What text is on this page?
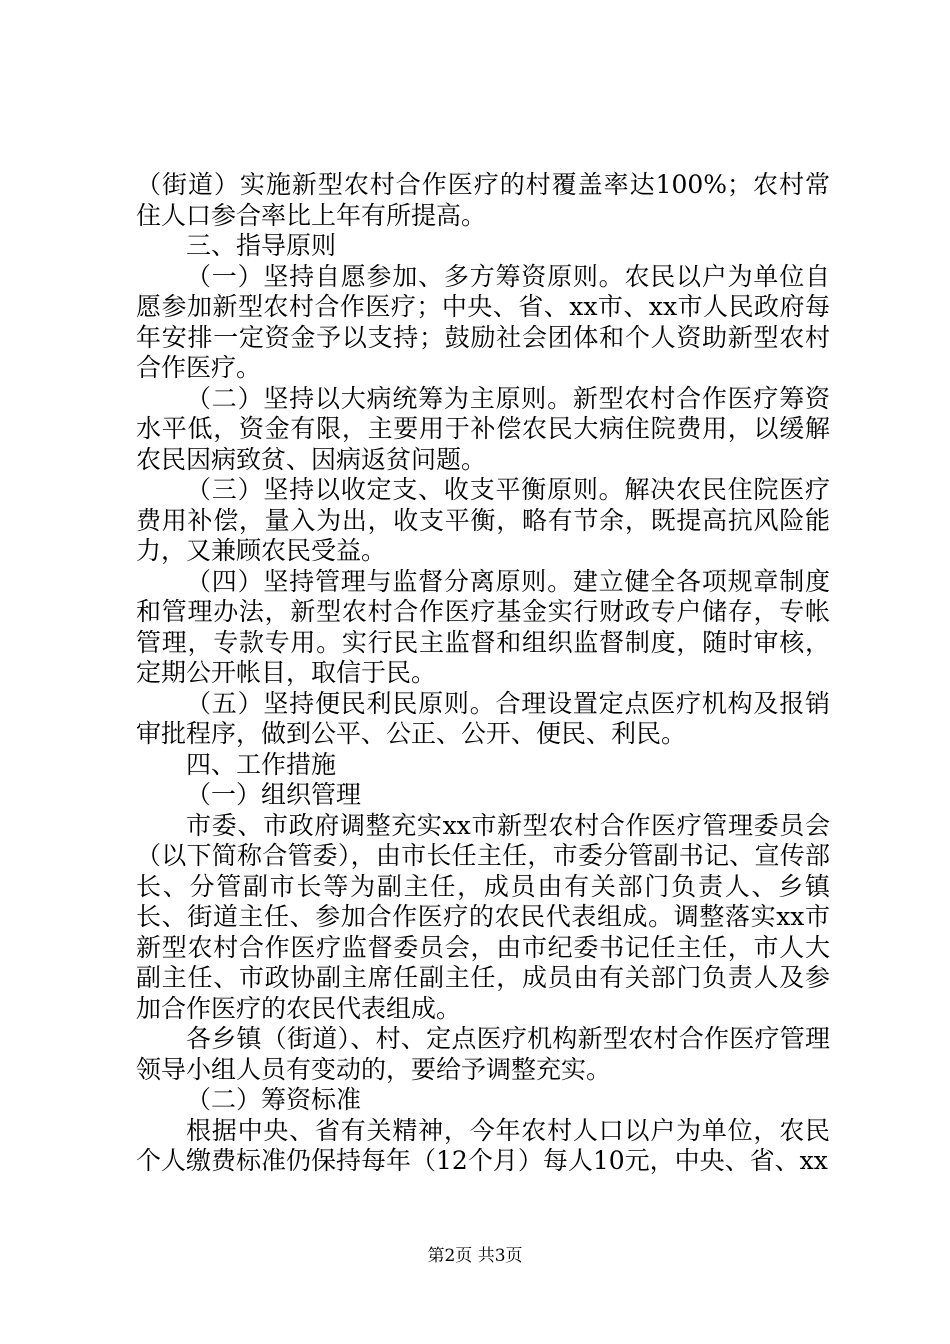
（街道）实施新型农村合作医疗的村覆盖率达100%；农村常住人口参合率比上年有所提高。

三、指导原则

（一）坚持自愿参加、多方筹资原则。农民以户为单位自愿参加新型农村合作医疗；中央、省、xx市、xx市人民政府每年安排一定资金予以支持；鼓励社会团体和个人资助新型农村合作医疗。

（二）坚持以大病统筹为主原则。新型农村合作医疗筹资水平低，资金有限，主要用于补偿农民大病住院费用，以缓解农民因病致贫、因病返贫问题。

（三）坚持以收定支、收支平衡原则。解决农民住院医疗费用补偿，量入为出，收支平衡，略有节余，既提高抗风险能力，又兼顾农民受益。

（四）坚持管理与监督分离原则。建立健全各项规章制度和管理办法，新型农村合作医疗基金实行财政专户储存，专帐管理，专款专用。实行民主监督和组织监督制度，随时审核，定期公开帐目，取信于民。

（五）坚持便民利民原则。合理设置定点医疗机构及报销审批程序，做到公平、公正、公开、便民、利民。

四、工作措施

（一）组织管理

市委、市政府调整充实xx市新型农村合作医疗管理委员会（以下简称合管委），由市长任主任，市委分管副书记、宣传部长、分管副市长等为副主任，成员由有关部门负责人、乡镇长、街道主任、参加合作医疗的农民代表组成。调整落实xx市新型农村合作医疗监督委员会，由市纪委书记任主任，市人大副主任、市政协副主席任副主任，成员由有关部门负责人及参加合作医疗的农民代表组成。

各乡镇（街道）、村、定点医疗机构新型农村合作医疗管理领导小组人员有变动的，要给予调整充实。

（二）筹资标准

根据中央、省有关精神，今年农村人口以户为单位，农民个人缴费标准仍保持每年（12个月）每人10元，中央、省、xx

第2页 共3页
